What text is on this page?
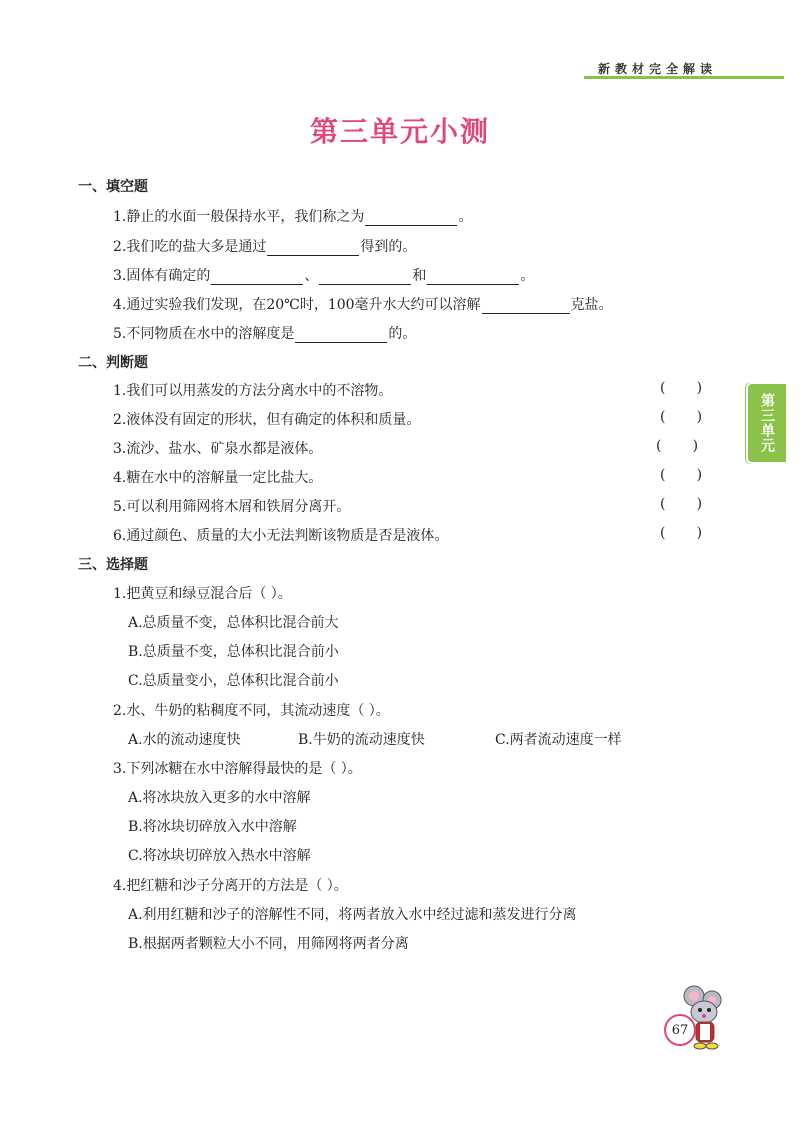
新教材完全解读
第三单元小测
第三单元
一、填空题
1.静止的水面一般保持水平，我们称之为	。
2.我们吃的盐大多是通过	得到的。
3.固体有确定的	、	和	。
4.通过实验我们发现，在20℃时，100毫升水大约可以溶解	克盐。
5.不同物质在水中的溶解度是	的。
二、判断题
1.我们可以用蒸发的方法分离水中的不溶物。	(       )
2.液体没有固定的形状，但有确定的体积和质量。	(       )
3.流沙、盐水、矿泉水都是液体。	(       )
4.糖在水中的溶解量一定比盐大。	(       )
5.可以利用筛网将木屑和铁屑分离开。	(       )
6.通过颜色、质量的大小无法判断该物质是否是液体。	(       )
三、选择题
1.把黄豆和绿豆混合后（ ）。
A.总质量不变，总体积比混合前大
B.总质量不变，总体积比混合前小
C.总质量变小，总体积比混合前小
2.水、牛奶的粘稠度不同，其流动速度（ ）。
A.水的流动速度快	B.牛奶的流动速度快	C.两者流动速度一样
3.下列冰糖在水中溶解得最快的是（ ）。
A.将冰块放入更多的水中溶解
B.将冰块切碎放入水中溶解
C.将冰块切碎放入热水中溶解
4.把红糖和沙子分离开的方法是（ ）。
A.利用红糖和沙子的溶解性不同，将两者放入水中经过滤和蒸发进行分离
B.根据两者颗粒大小不同，用筛网将两者分离
67
